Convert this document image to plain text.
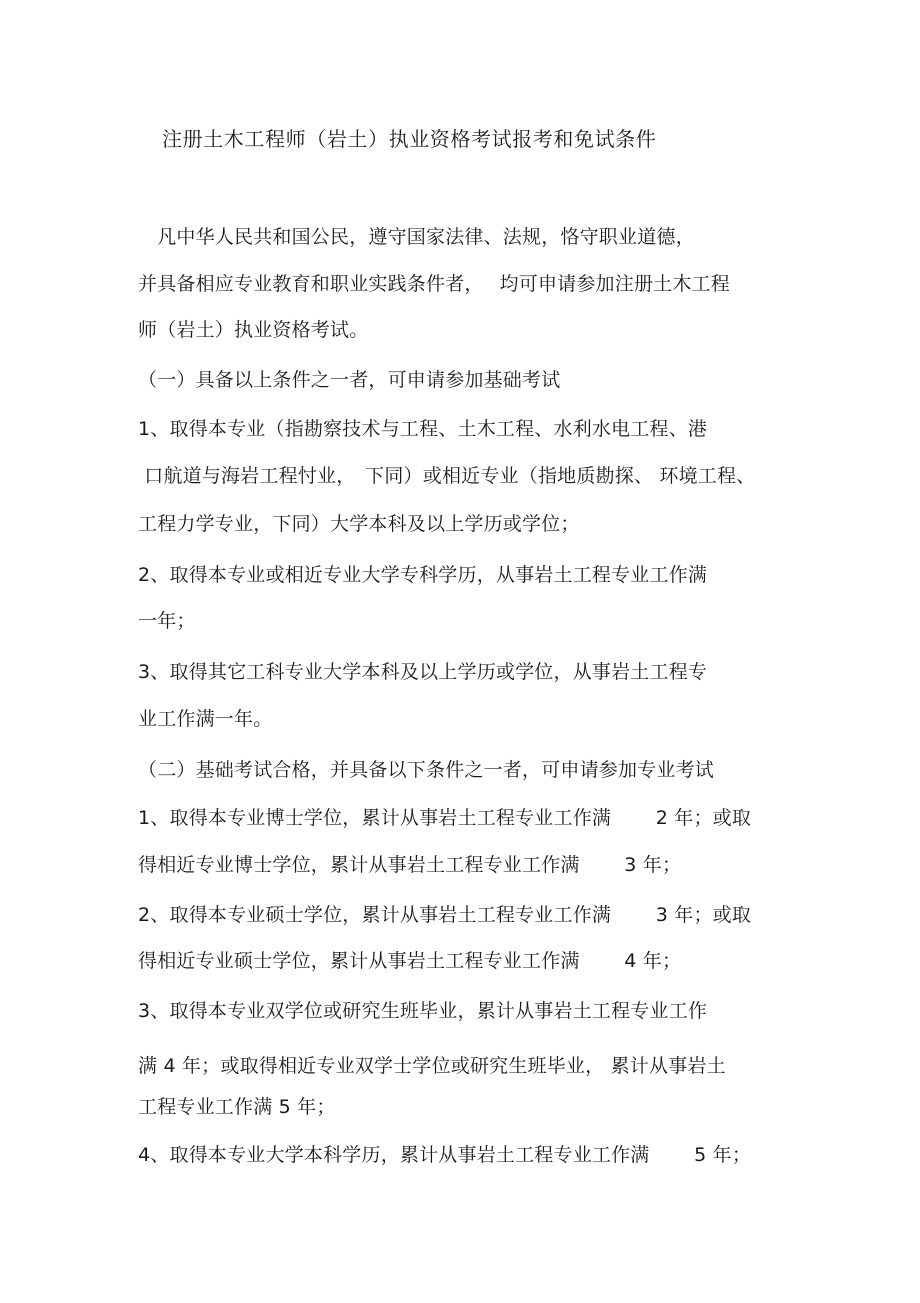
注册土木工程师（岩土）执业资格考试报考和免试条件
　凡中华人民共和国公民，遵守国家法律、法规，恪守职业道德，
并具备相应专业教育和职业实践条件者，　 均可申请参加注册土木工程
师（岩土）执业资格考试。
（一）具备以上条件之一者，可申请参加基础考试
1、取得本专业（指勘察技术与工程、土木工程、水利水电工程、港
口航道与海岩工程忖业，　下同）或相近专业（指地质勘探、 环境工程、
工程力学专业，下同）大学本科及以上学历或学位；
2、取得本专业或相近专业大学专科学历，从事岩土工程专业工作满
一年；
3、取得其它工科专业大学本科及以上学历或学位，从事岩土工程专
业工作满一年。
（二）基础考试合格，并具备以下条件之一者，可申请参加专业考试
1、取得本专业博士学位，累计从事岩土工程专业工作满　　 2 年；或取
得相近专业博士学位，累计从事岩土工程专业工作满　　 3 年；
2、取得本专业硕士学位，累计从事岩土工程专业工作满　　 3 年；或取
得相近专业硕士学位，累计从事岩土工程专业工作满　　 4 年；
3、取得本专业双学位或研究生班毕业，累计从事岩土工程专业工作
满 4 年；或取得相近专业双学士学位或研究生班毕业， 累计从事岩土
工程专业工作满 5 年；
4、取得本专业大学本科学历，累计从事岩土工程专业工作满　　 5 年；
